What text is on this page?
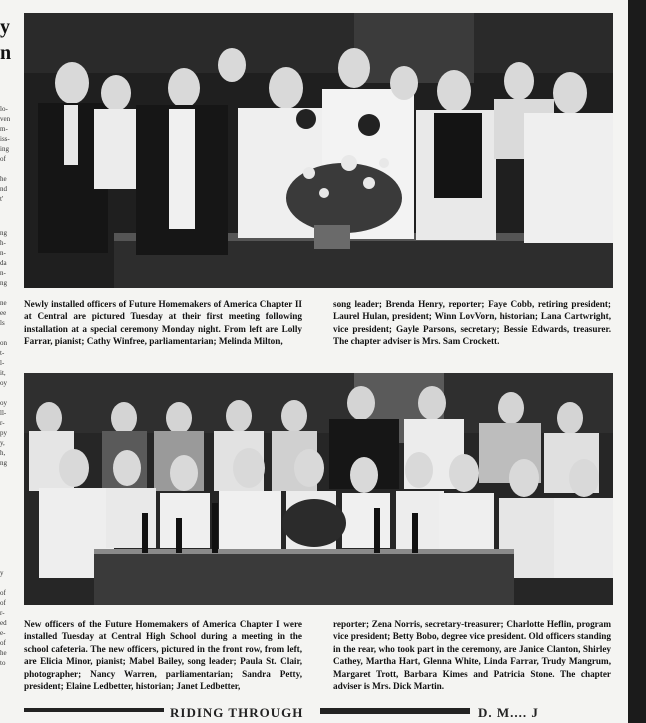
y
n
lo-
ven
m-
iss-
ing
of

he
nd
t'
ng
h-
n-
da
n-
ng

ne
ee
ls

on
t-
l-
it,
oy

oy
ll-
r-
py
y,
h,
ng
y

of
of
r-
ed
e-
of
he
to
Newly installed officers of Future Homemakers of America Chapter II at Central are pictured Tuesday at their first meeting following installation at a special ceremony Monday night. From left are Lolly Farrar, pianist; Cathy Winfree, parliamentarian; Melinda Milton,
song leader; Brenda Henry, reporter; Faye Cobb, retiring president; Laurel Hulan, president; Winn LovVorn, historian; Lana Cartwright, vice president; Gayle Parsons, secretary; Bessie Edwards, treasurer. The chapter adviser is Mrs. Sam Crockett.
New officers of the Future Homemakers of America Chapter I were installed Tuesday at Central High School during a meeting in the school cafeteria. The new officers, pictured in the front row, from left, are Elicia Minor, pianist; Mabel Bailey, song leader; Paula St. Clair, photographer; Nancy Warren, parliamentarian; Sandra Petty, president; Elaine Ledbetter, historian; Janet Ledbetter,
reporter; Zena Norris, secretary-treasurer; Charlotte Heflin, program vice president; Betty Bobo, degree vice president. Old officers standing in the rear, who took part in the ceremony, are Janice Clanton, Shirley Cathey, Martha Hart, Glenna White, Linda Farrar, Trudy Mangrum, Margaret Trott, Barbara Kimes and Patricia Stone. The chapter adviser is Mrs. Dick Martin.
RIDING THROUGH	D. M.... J
